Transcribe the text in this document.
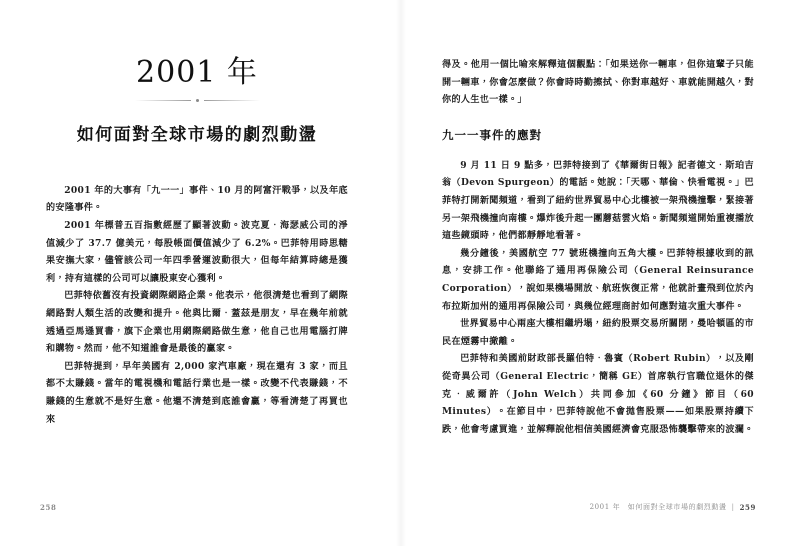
2001 年
如何面對全球市場的劇烈動盪

2001 年的大事有「九一一」事件、10 月的阿富汗戰爭，以及年底的安隆事件。

2001 年標普五百指數經歷了顯著波動。波克夏‧海瑟威公司的淨值減少了 37.7 億美元，每股帳面價值減少了 6.2%。巴菲特用時思糖果安撫大家，儘管該公司一年四季營運波動很大，但每年結算時總是獲利，持有這樣的公司可以讓股東安心獲利。

巴菲特依舊沒有投資網際網路企業。他表示，他很清楚也看到了網際網路對人類生活的改變和提升。他與比爾‧蓋茲是朋友，早在幾年前就透過亞馬遜買書，旗下企業也用網際網路做生意，他自己也用電腦打牌和購物。然而，他不知道誰會是最後的贏家。

巴菲特提到，早年美國有 2,000 家汽車廠，現在還有 3 家，而且都不太賺錢。當年的電視機和電話行業也是一樣。改變不代表賺錢，不賺錢的生意就不是好生意。他還不清楚到底誰會贏，等看清楚了再買也來

258

得及。他用一個比喻來解釋這個觀點：「如果送你一輛車，但你這輩子只能開一輛車，你會怎麼做？你會時時勤擦拭、你對車越好、車就能開越久，對你的人生也一樣。」

九一一事件的應對

9 月 11 日 9 點多，巴菲特接到了《華爾街日報》記者德文‧斯珀吉翁（Devon Spurgeon）的電話。她說：「天哪、華倫、快看電視。」巴菲特打開新聞頻道，看到了紐約世界貿易中心北樓被一架飛機撞擊，緊接著另一架飛機撞向南樓。爆炸後升起一團蘑菇雲火焰。新聞頻道開始重複播放這些鏡頭時，他們都靜靜地看著。

幾分鐘後，美國航空 77 號班機撞向五角大樓。巴菲特根據收到的訊息，安排工作。他聯絡了通用再保險公司（General Reinsurance Corporation），說如果機場開放、航班恢復正常，他就計畫飛到位於內布拉斯加州的通用再保險公司，與幾位經理商討如何應對這次重大事件。

世界貿易中心兩座大樓相繼坍塌，紐約股票交易所關閉，曼哈頓區的市民在煙霧中撤離。

巴菲特和美國前財政部長羅伯特‧魯賓（Robert Rubin），以及剛從奇異公司（General Electric，簡稱 GE）首席執行官職位退休的傑克‧威爾許（John Welch）共同參加《60 分鐘》節目（60 Minutes）。在節目中，巴菲特說他不會拋售股票——如果股票持續下跌，他會考慮買進，並解釋說他相信美國經濟會克服恐怖襲擊帶來的波瀾。

2001 年　如何面對全球市場的劇烈動盪 | 259
